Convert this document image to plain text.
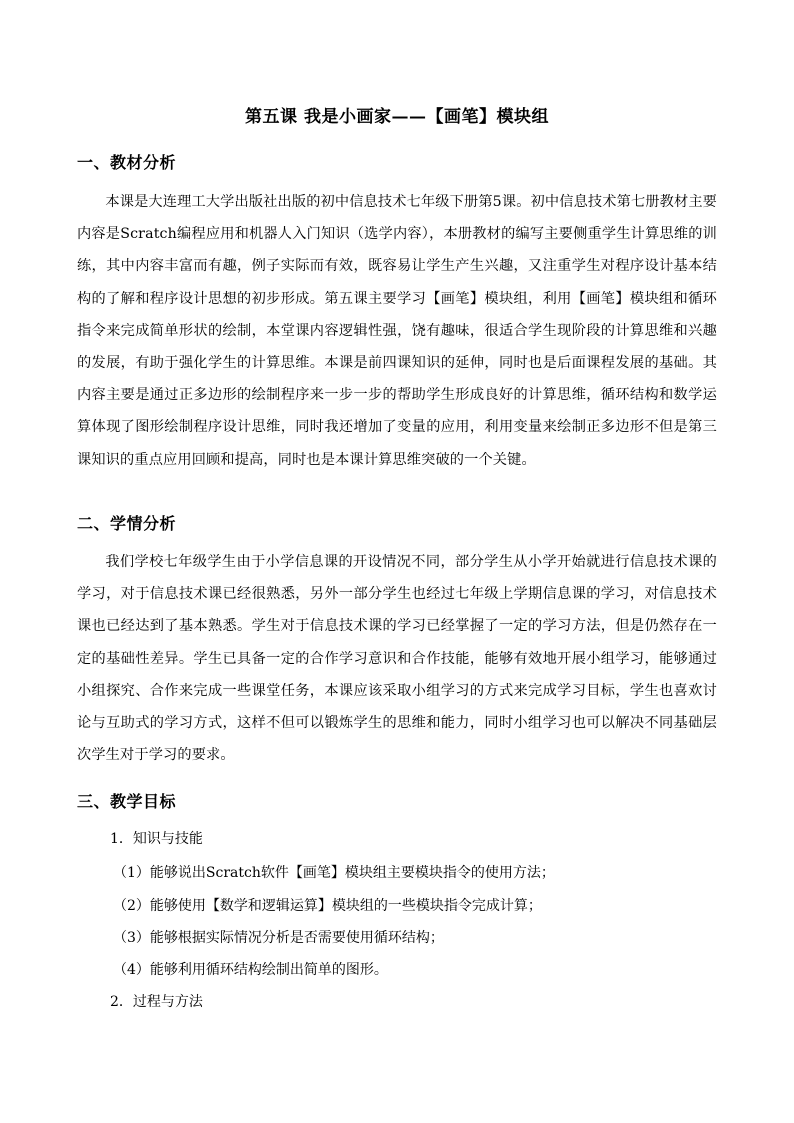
第五课 我是小画家——【画笔】模块组
一、教材分析
本课是大连理工大学出版社出版的初中信息技术七年级下册第5课。初中信息技术第七册教材主要内容是Scratch编程应用和机器人入门知识（选学内容），本册教材的编写主要侧重学生计算思维的训练，其中内容丰富而有趣，例子实际而有效，既容易让学生产生兴趣，又注重学生对程序设计基本结构的了解和程序设计思想的初步形成。第五课主要学习【画笔】模块组，利用【画笔】模块组和循环指令来完成简单形状的绘制，本堂课内容逻辑性强，饶有趣味，很适合学生现阶段的计算思维和兴趣的发展，有助于强化学生的计算思维。本课是前四课知识的延伸，同时也是后面课程发展的基础。其内容主要是通过正多边形的绘制程序来一步一步的帮助学生形成良好的计算思维，循环结构和数学运算体现了图形绘制程序设计思维，同时我还增加了变量的应用，利用变量来绘制正多边形不但是第三课知识的重点应用回顾和提高，同时也是本课计算思维突破的一个关键。
二、学情分析
我们学校七年级学生由于小学信息课的开设情况不同，部分学生从小学开始就进行信息技术课的学习，对于信息技术课已经很熟悉，另外一部分学生也经过七年级上学期信息课的学习，对信息技术课也已经达到了基本熟悉。学生对于信息技术课的学习已经掌握了一定的学习方法，但是仍然存在一定的基础性差异。学生已具备一定的合作学习意识和合作技能，能够有效地开展小组学习，能够通过小组探究、合作来完成一些课堂任务，本课应该采取小组学习的方式来完成学习目标，学生也喜欢讨论与互助式的学习方式，这样不但可以锻炼学生的思维和能力，同时小组学习也可以解决不同基础层次学生对于学习的要求。
三、教学目标
1．知识与技能
（1）能够说出Scratch软件【画笔】模块组主要模块指令的使用方法；
（2）能够使用【数学和逻辑运算】模块组的一些模块指令完成计算；
（3）能够根据实际情况分析是否需要使用循环结构；
（4）能够利用循环结构绘制出简单的图形。
2．过程与方法
